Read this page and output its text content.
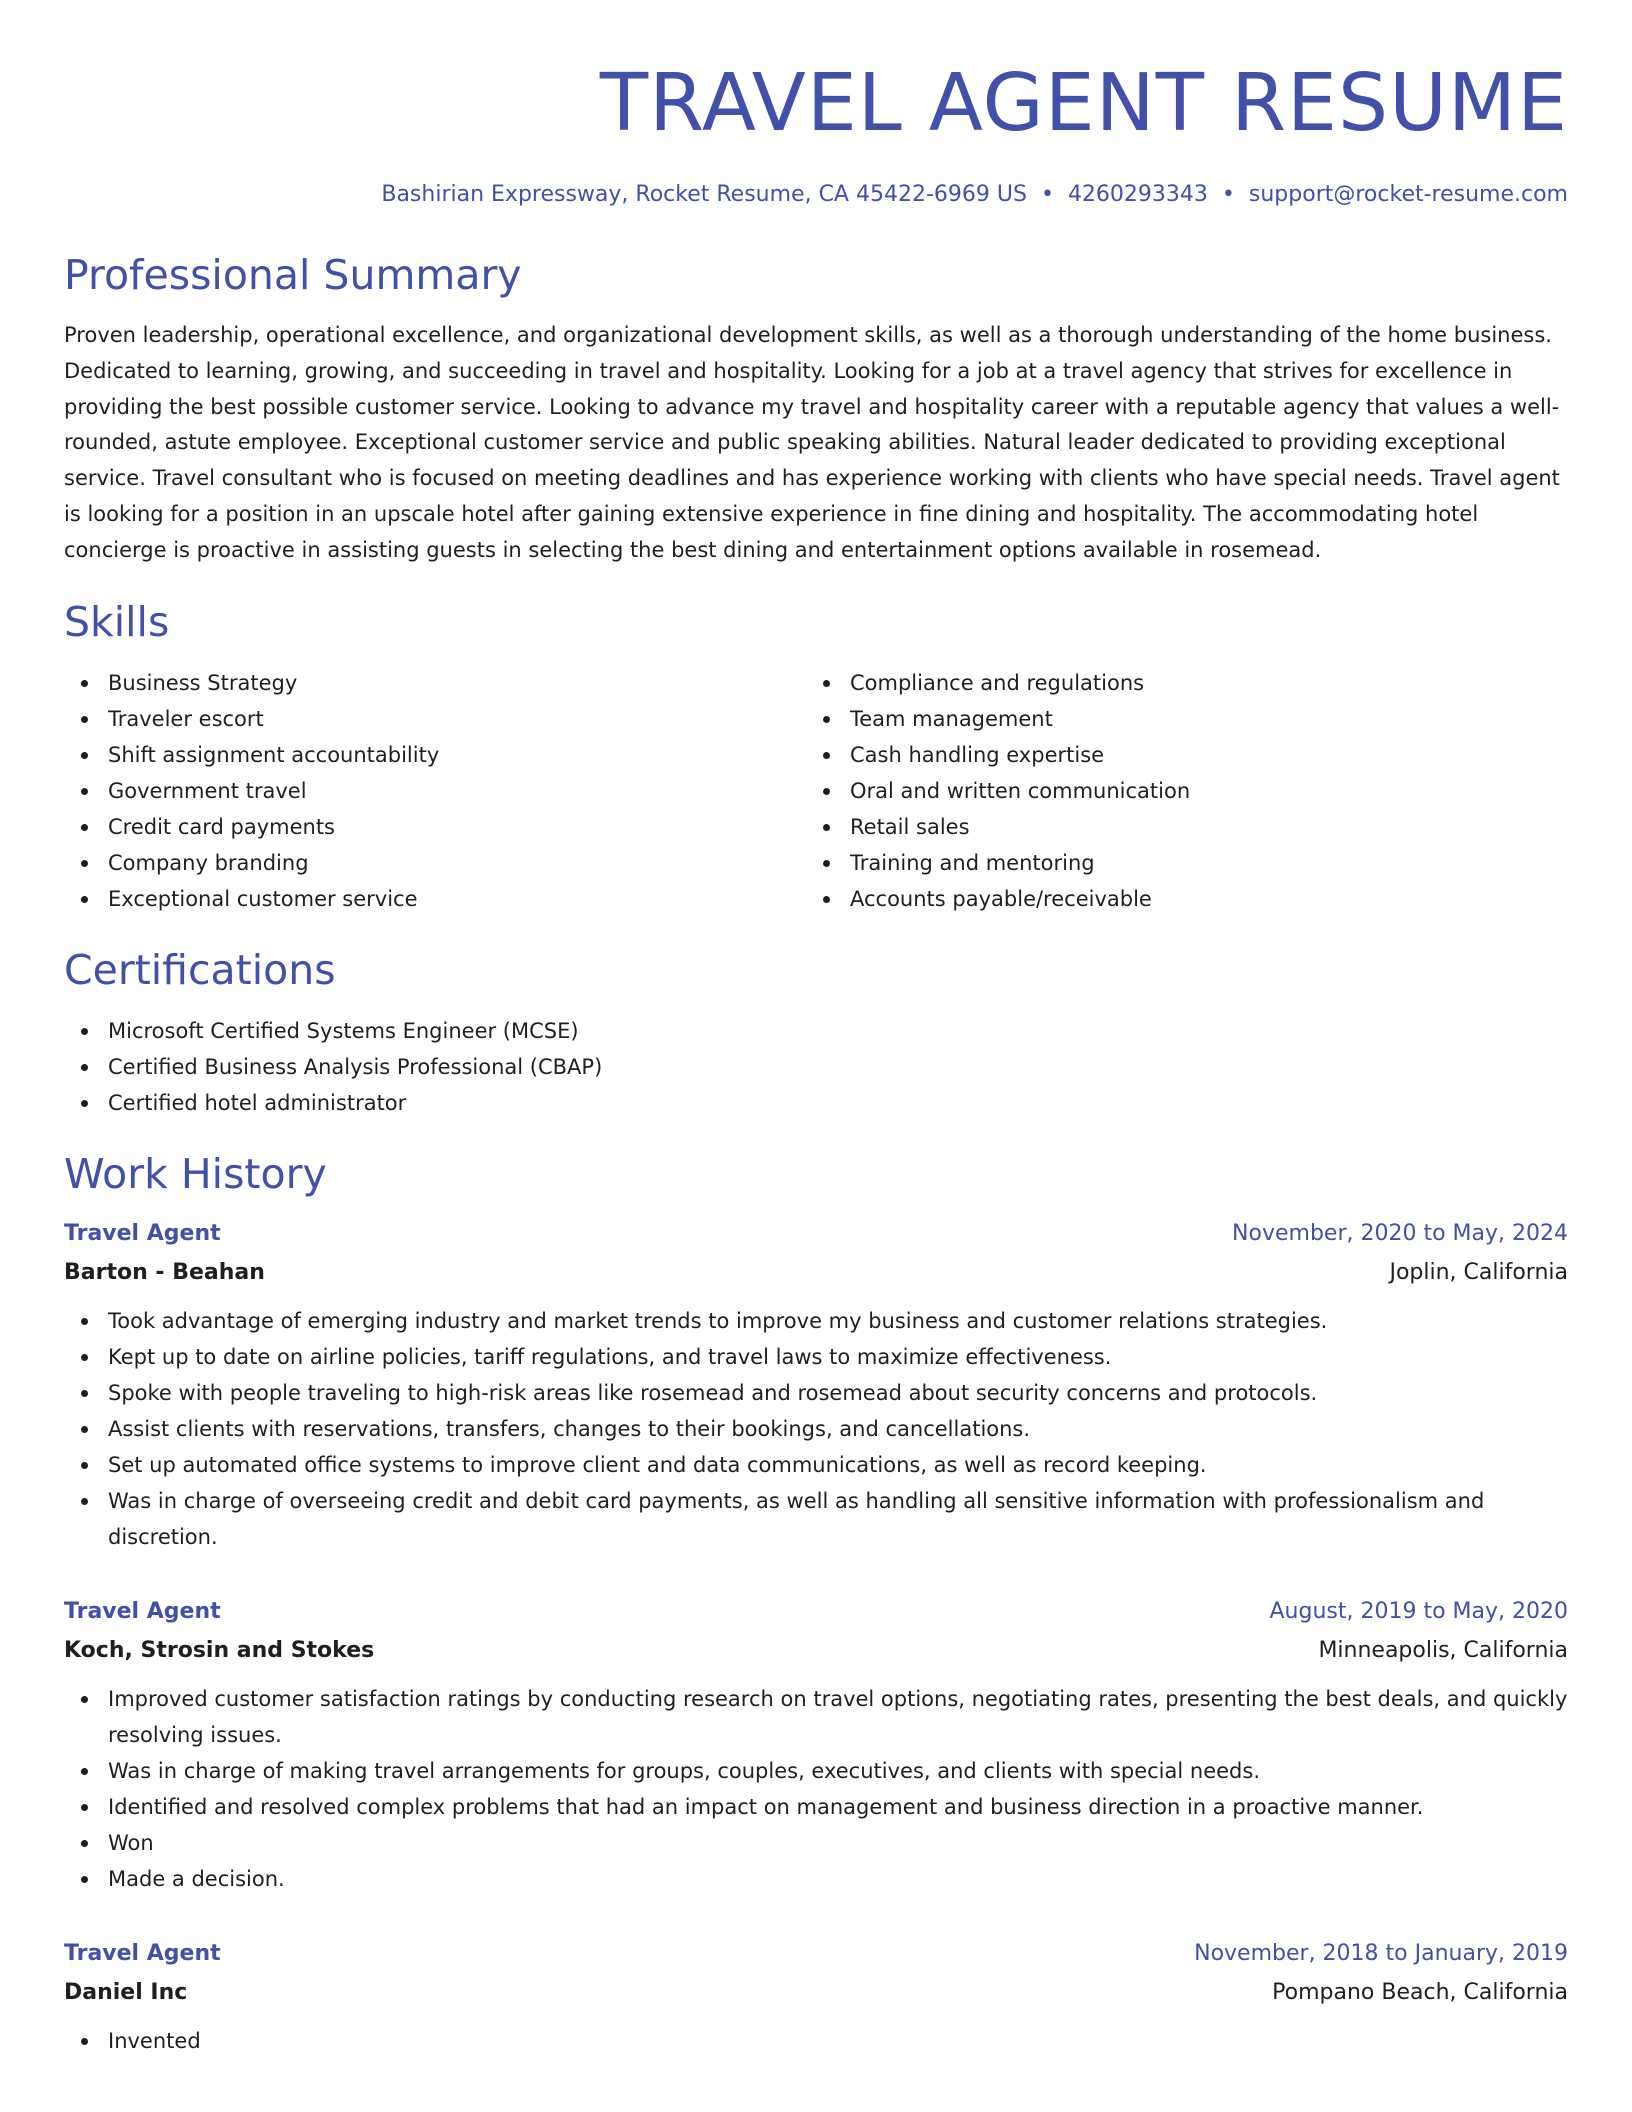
TRAVEL AGENT RESUME
Bashirian Expressway, Rocket Resume, CA 45422-6969 US • 4260293343 • support@rocket-resume.com
Professional Summary

Proven leadership, operational excellence, and organizational development skills, as well as a thorough understanding of the home business. Dedicated to learning, growing, and succeeding in travel and hospitality. Looking for a job at a travel agency that strives for excellence in providing the best possible customer service. Looking to advance my travel and hospitality career with a reputable agency that values a well-rounded, astute employee. Exceptional customer service and public speaking abilities. Natural leader dedicated to providing exceptional service. Travel consultant who is focused on meeting deadlines and has experience working with clients who have special needs. Travel agent is looking for a position in an upscale hotel after gaining extensive experience in fine dining and hospitality. The accommodating hotel concierge is proactive in assisting guests in selecting the best dining and entertainment options available in rosemead.

Skills
Business Strategy
Traveler escort
Shift assignment accountability
Government travel
Credit card payments
Company branding
Exceptional customer service
Compliance and regulations
Team management
Cash handling expertise
Oral and written communication
Retail sales
Training and mentoring
Accounts payable/receivable
Certifications
Microsoft Certified Systems Engineer (MCSE)
Certified Business Analysis Professional (CBAP)
Certified hotel administrator
Work History
Travel Agent	November, 2020 to May, 2024
Barton - Beahan	Joplin, California
Took advantage of emerging industry and market trends to improve my business and customer relations strategies.
Kept up to date on airline policies, tariff regulations, and travel laws to maximize effectiveness.
Spoke with people traveling to high-risk areas like rosemead and rosemead about security concerns and protocols.
Assist clients with reservations, transfers, changes to their bookings, and cancellations.
Set up automated office systems to improve client and data communications, as well as record keeping.
Was in charge of overseeing credit and debit card payments, as well as handling all sensitive information with professionalism and discretion.
Travel Agent	August, 2019 to May, 2020
Koch, Strosin and Stokes	Minneapolis, California
Improved customer satisfaction ratings by conducting research on travel options, negotiating rates, presenting the best deals, and quickly resolving issues.
Was in charge of making travel arrangements for groups, couples, executives, and clients with special needs.
Identified and resolved complex problems that had an impact on management and business direction in a proactive manner.
Won
Made a decision.
Travel Agent	November, 2018 to January, 2019
Daniel Inc	Pompano Beach, California
Invented
